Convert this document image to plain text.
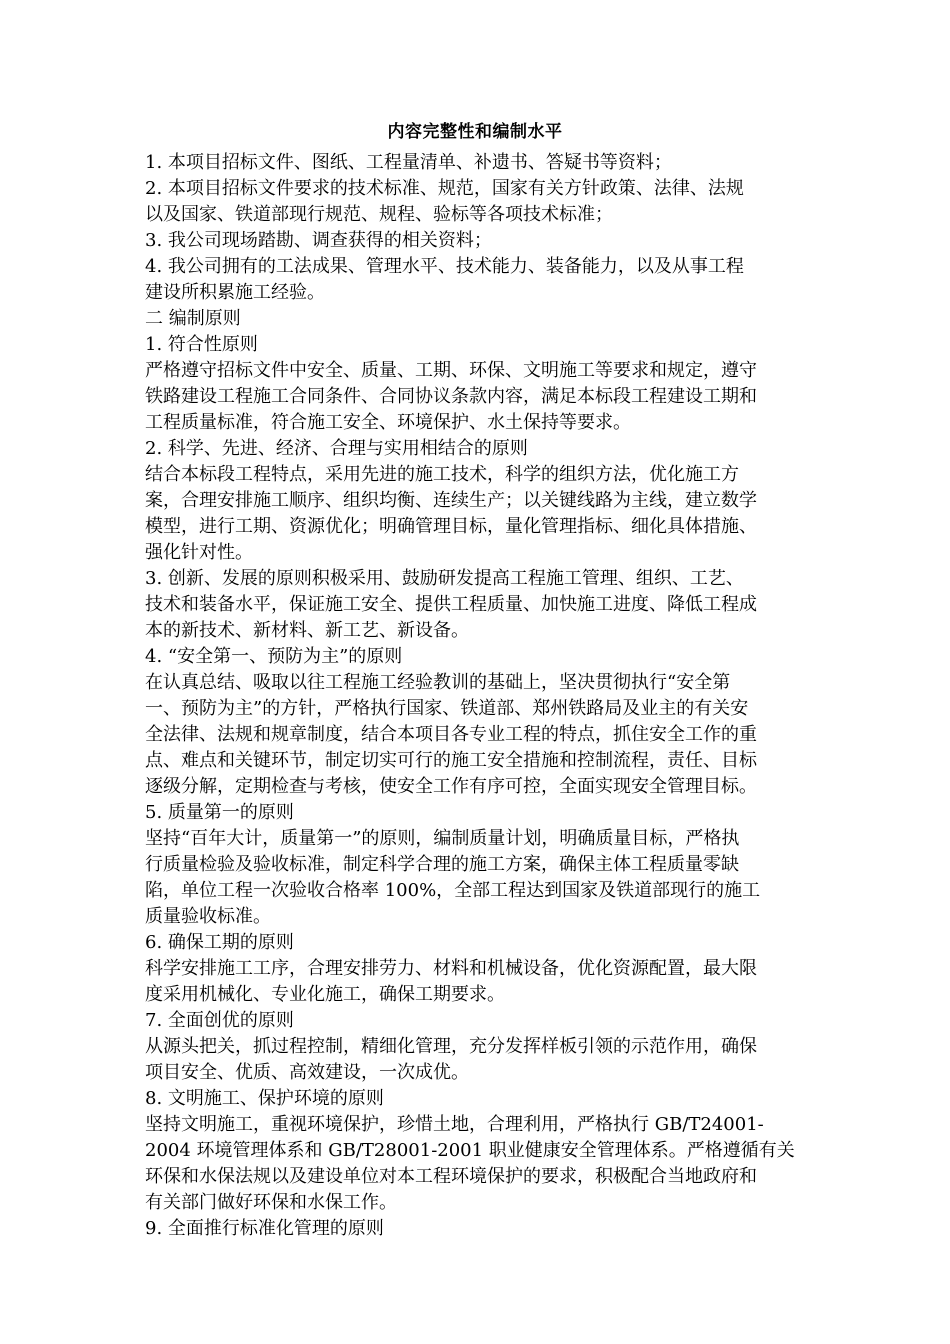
内容完整性和编制水平

1. 本项目招标文件、图纸、工程量清单、补遗书、答疑书等资料；

2. 本项目招标文件要求的技术标准、规范，国家有关方针政策、法律、法规

以及国家、铁道部现行规范、规程、验标等各项技术标准；

3. 我公司现场踏勘、调查获得的相关资料；

4. 我公司拥有的工法成果、管理水平、技术能力、装备能力，以及从事工程

建设所积累施工经验。

二 编制原则

1. 符合性原则

严格遵守招标文件中安全、质量、工期、环保、文明施工等要求和规定，遵守

铁路建设工程施工合同条件、合同协议条款内容，满足本标段工程建设工期和

工程质量标准，符合施工安全、环境保护、水土保持等要求。

2. 科学、先进、经济、合理与实用相结合的原则

结合本标段工程特点，采用先进的施工技术，科学的组织方法，优化施工方

案，合理安排施工顺序、组织均衡、连续生产；以关键线路为主线，建立数学

模型，进行工期、资源优化；明确管理目标，量化管理指标、细化具体措施、

强化针对性。

3. 创新、发展的原则积极采用、鼓励研发提高工程施工管理、组织、工艺、

技术和装备水平，保证施工安全、提供工程质量、加快施工进度、降低工程成

本的新技术、新材料、新工艺、新设备。

4. “安全第一、预防为主”的原则

在认真总结、吸取以往工程施工经验教训的基础上，坚决贯彻执行“安全第

一、预防为主”的方针，严格执行国家、铁道部、郑州铁路局及业主的有关安

全法律、法规和规章制度，结合本项目各专业工程的特点，抓住安全工作的重

点、难点和关键环节，制定切实可行的施工安全措施和控制流程，责任、目标

逐级分解，定期检查与考核，使安全工作有序可控，全面实现安全管理目标。

5. 质量第一的原则

坚持“百年大计，质量第一”的原则，编制质量计划，明确质量目标，严格执

行质量检验及验收标准，制定科学合理的施工方案，确保主体工程质量零缺

陷，单位工程一次验收合格率 100%，全部工程达到国家及铁道部现行的施工

质量验收标准。

6. 确保工期的原则

科学安排施工工序，合理安排劳力、材料和机械设备，优化资源配置，最大限

度采用机械化、专业化施工，确保工期要求。

7. 全面创优的原则

从源头把关，抓过程控制，精细化管理，充分发挥样板引领的示范作用，确保

项目安全、优质、高效建设，一次成优。

8. 文明施工、保护环境的原则

坚持文明施工，重视环境保护，珍惜土地，合理利用，严格执行 GB/T24001-

2004 环境管理体系和 GB/T28001-2001 职业健康安全管理体系。严格遵循有关

环保和水保法规以及建设单位对本工程环境保护的要求，积极配合当地政府和

有关部门做好环保和水保工作。

9. 全面推行标准化管理的原则
